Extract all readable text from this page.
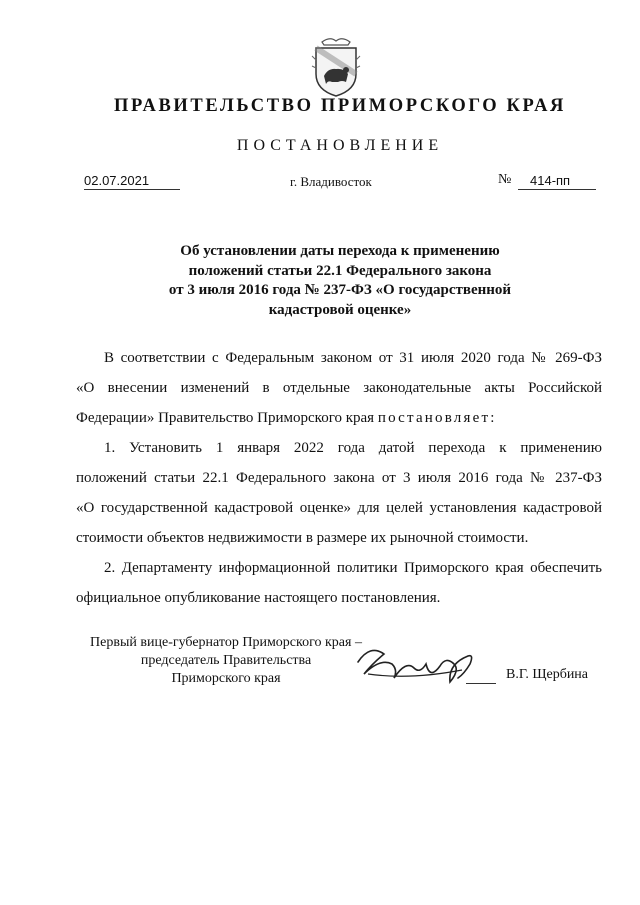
ПРАВИТЕЛЬСТВО ПРИМОРСКОГО КРАЯ
ПОСТАНОВЛЕНИЕ
02.07.2021	г. Владивосток	№	414-пп
Об установлении даты перехода к применению
положений статьи 22.1 Федерального закона
от 3 июля 2016 года № 237-ФЗ «О государственной
кадастровой оценке»
В соответствии с Федеральным законом от 31 июля 2020 года № 269-ФЗ
«О внесении изменений в отдельные законодательные акты Российской
Федерации» Правительство Приморского края постановляет:
1. Установить 1 января 2022 года датой перехода к применению
положений статьи 22.1 Федерального закона от 3 июля 2016 года № 237-ФЗ
«О государственной кадастровой оценке» для целей установления кадастровой
стоимости объектов недвижимости в размере их рыночной стоимости.
2. Департаменту информационной политики Приморского края обеспечить
официальное опубликование настоящего постановления.
Первый вице-губернатор Приморского края –
председатель Правительства
Приморского края	В.Г. Щербина
